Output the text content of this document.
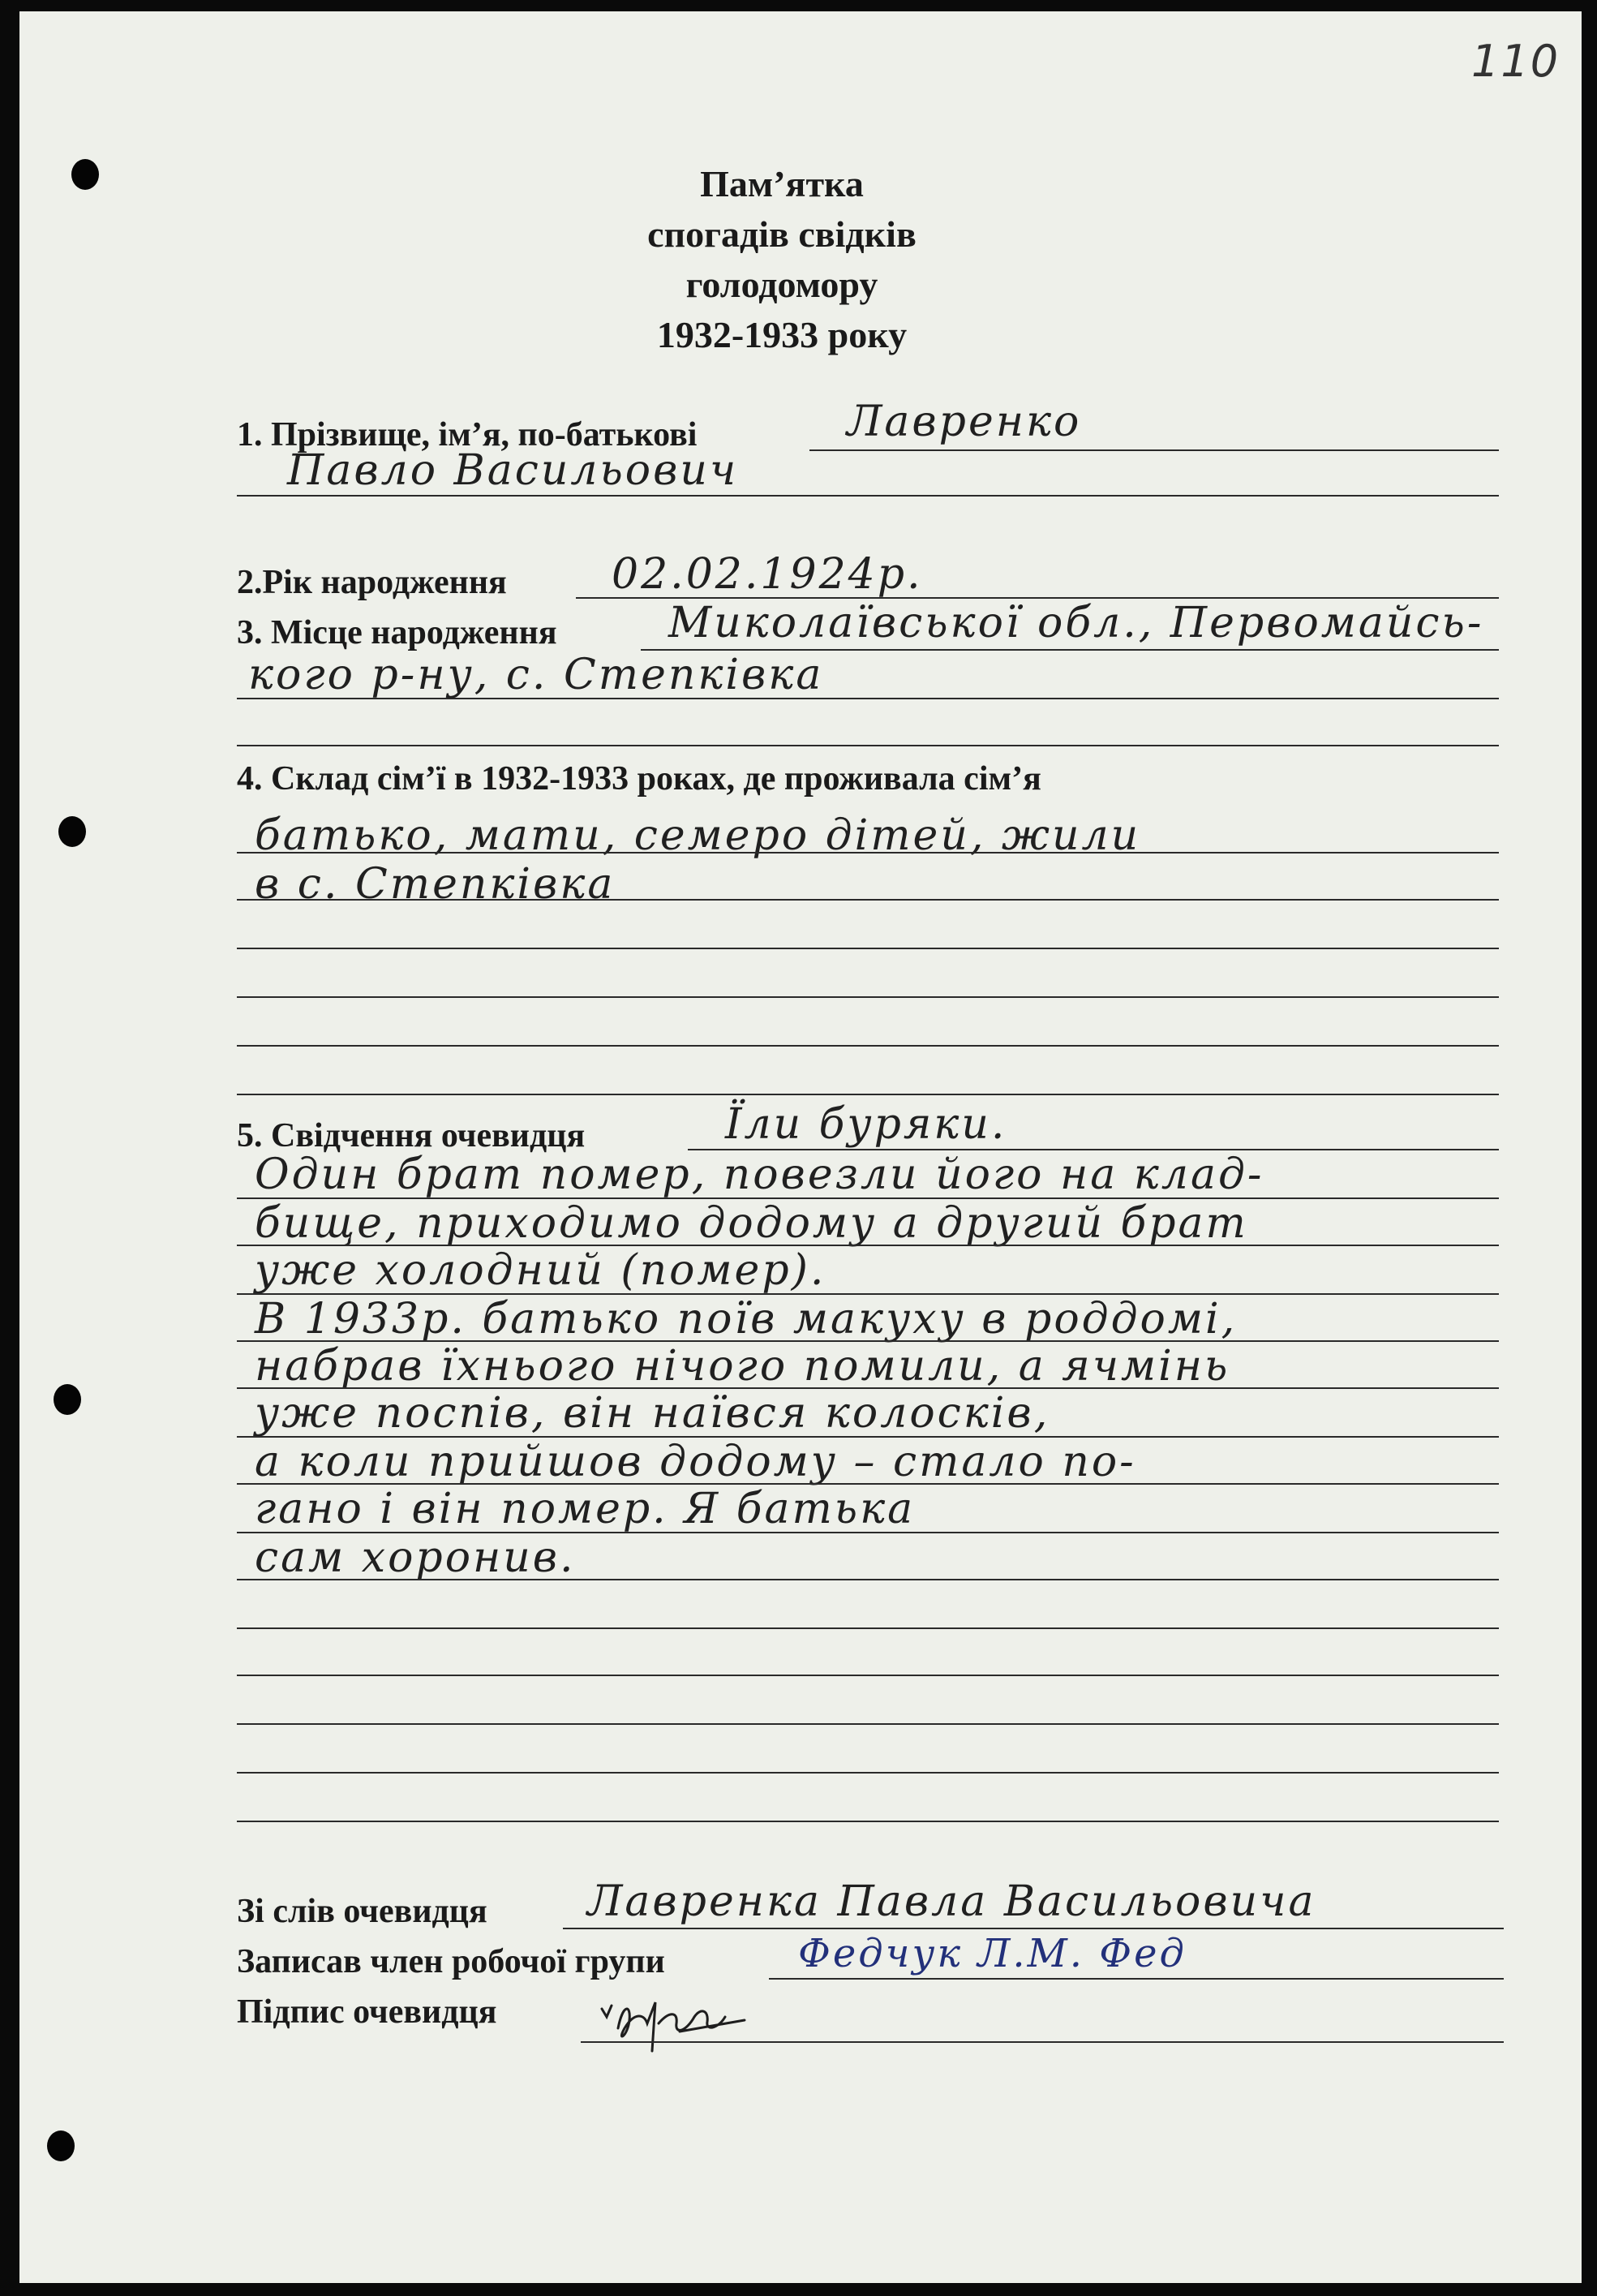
110
Пам’ятка
спогадів свідків
голодомору
1932-1933 року
1. Прізвище, ім’я, по-батькові	Лавренко
Павло Васильович
2.Рік народження 02.02.1924р.
3. Місце народження	Миколаївської обл., Первомайсь-
кого р-ну, с. Степківка
4. Склад сім’ї в 1932-1933 роках, де проживала сім’я
батько, мати, семеро дітей, жили
в с. Степківка
5. Свідчення очевидця	Їли буряки.
Один брат помер, повезли його на клад-
бище, приходимо додому а другий брат
уже холодний (помер).
В 1933р. батько поїв макуху в роддомі,
набрав їхнього нічого помили, а ячмінь
уже поспів, він наївся колосків,
а коли прийшов додому – стало по-
гано і він помер. Я батька
сам хоронив.
Зі слів очевидця Лавренка Павла Васильовича
Записав член робочої групи	Федчук Л.М. Фед
Підпис очевидця
